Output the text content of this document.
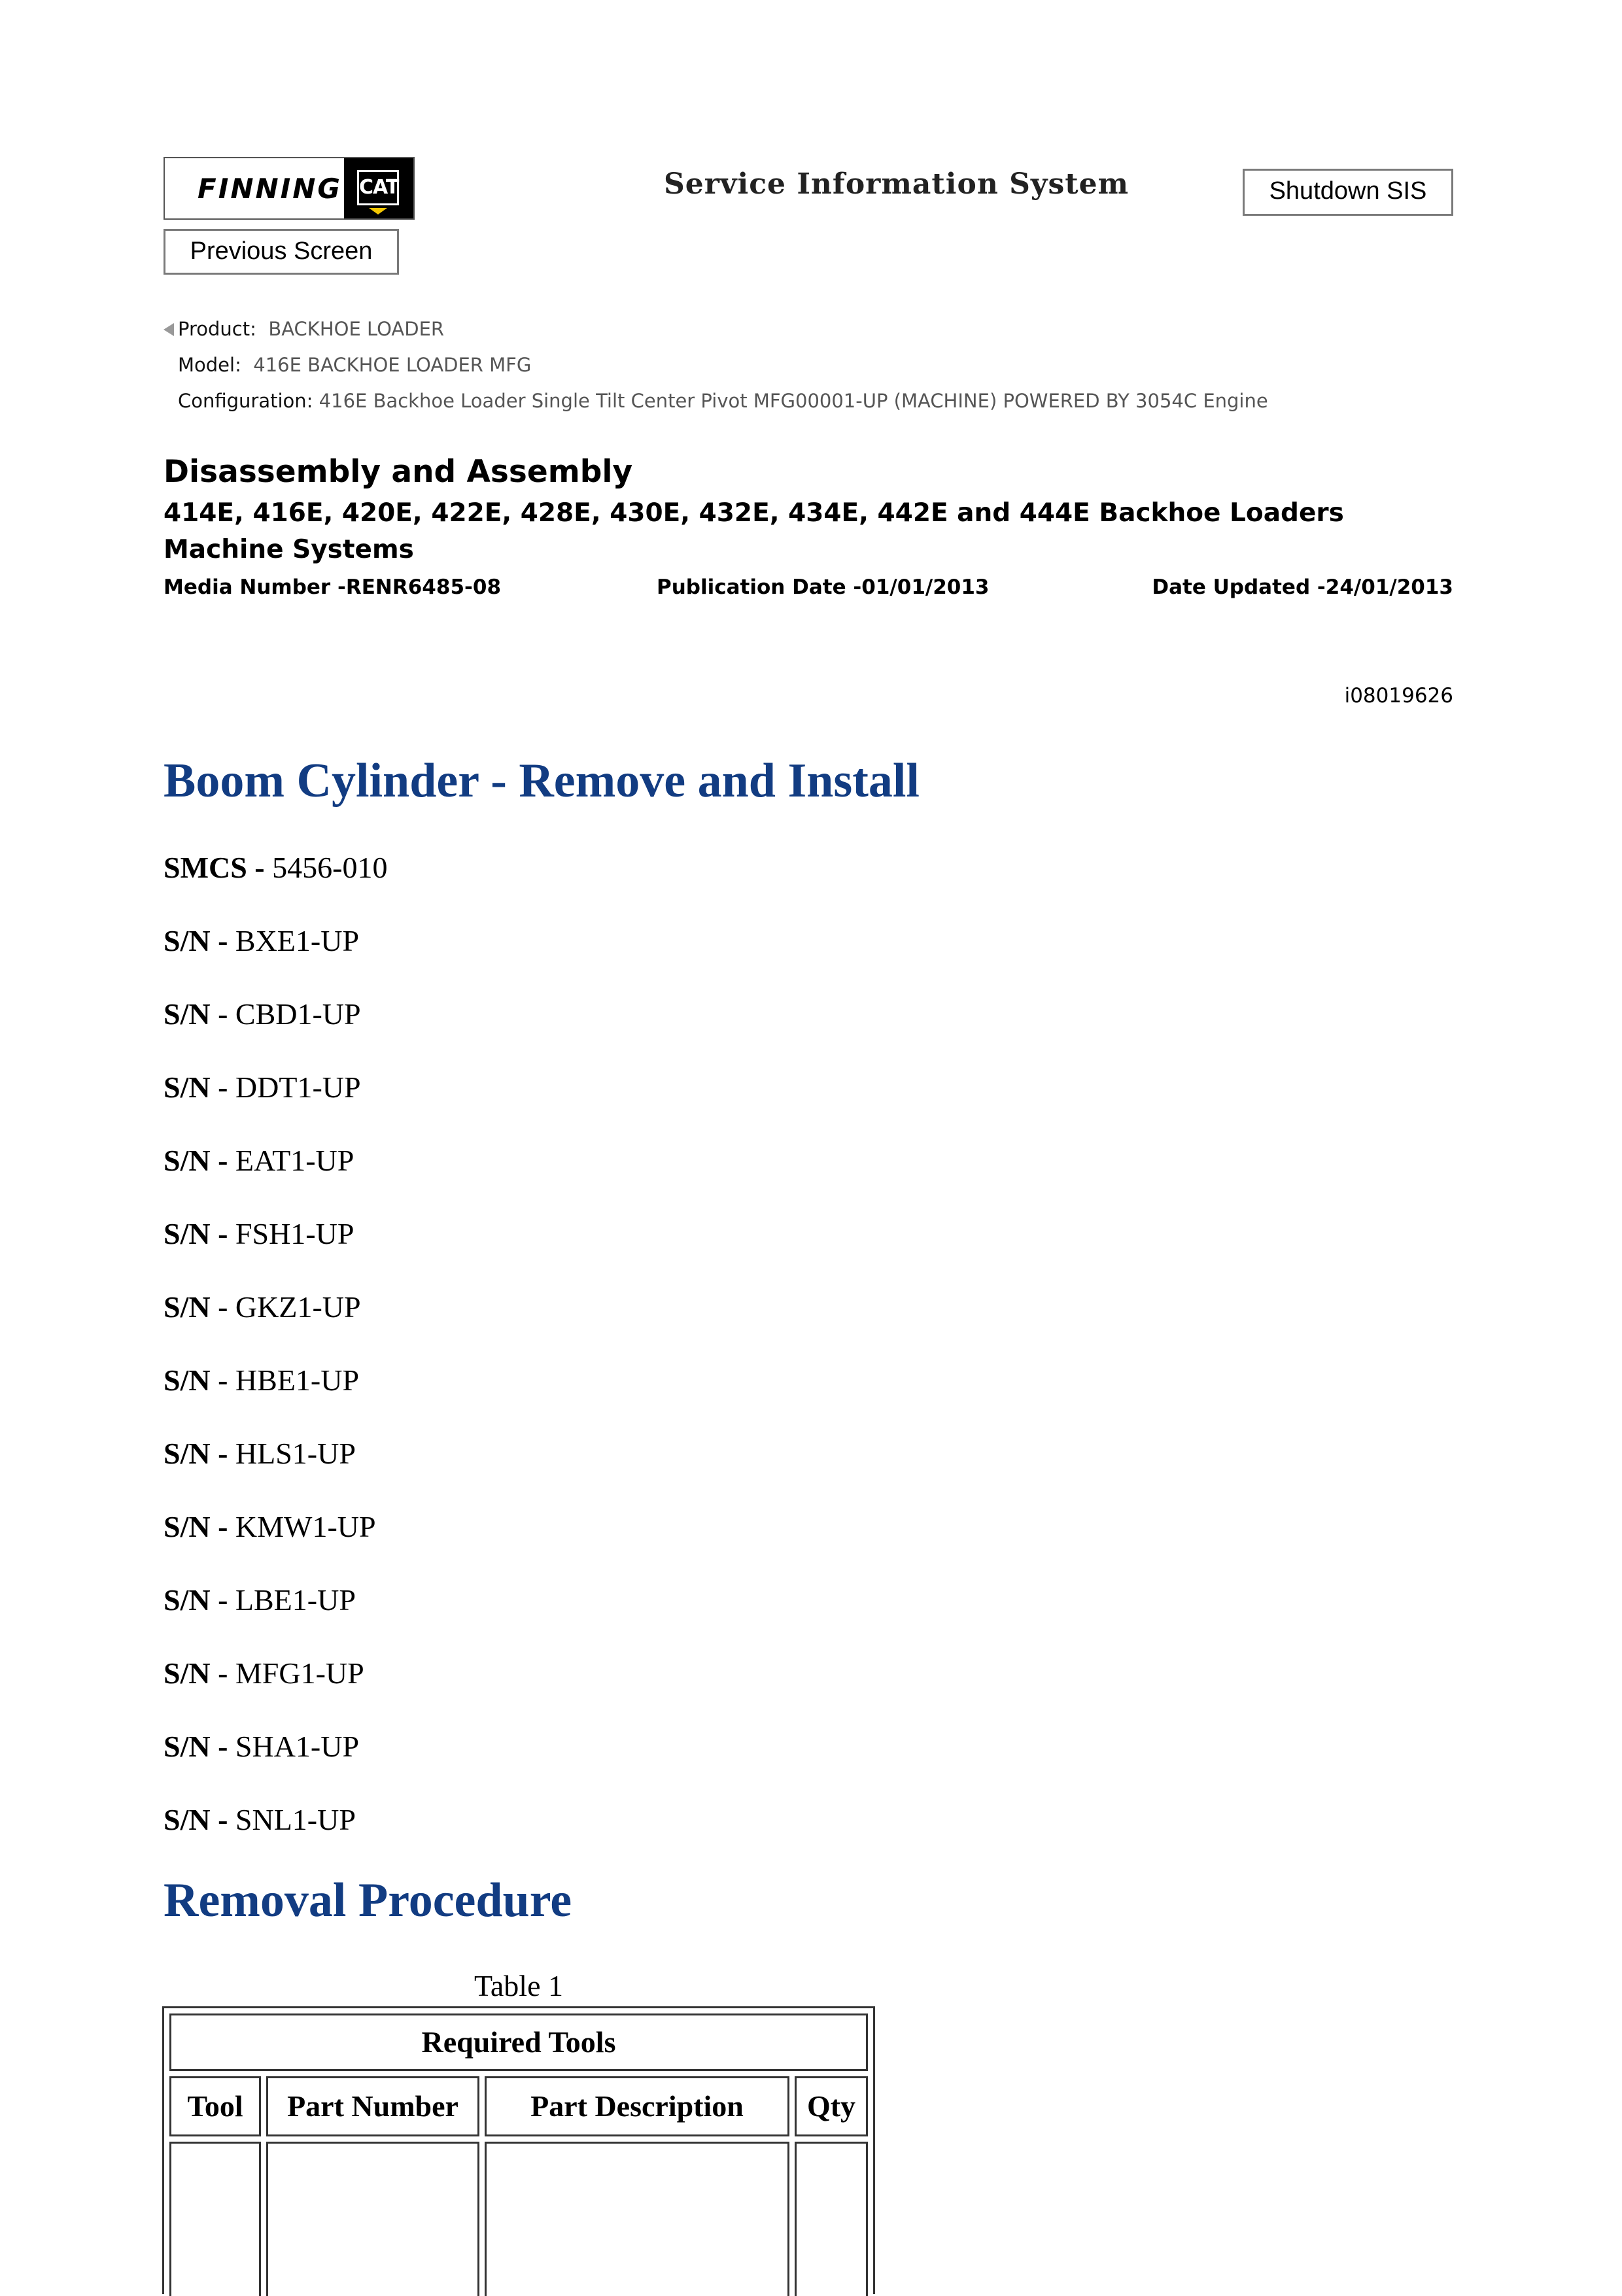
FINNING CAT	Service Information System	Shutdown SIS
Previous Screen
Product: BACKHOE LOADER
Model: 416E BACKHOE LOADER MFG
Configuration: 416E Backhoe Loader Single Tilt Center Pivot MFG00001-UP (MACHINE) POWERED BY 3054C Engine
Disassembly and Assembly
414E, 416E, 420E, 422E, 428E, 430E, 432E, 434E, 442E and 444E Backhoe Loaders
Machine Systems
Media Number -RENR6485-08	Publication Date -01/01/2013	Date Updated -24/01/2013
i08019626
Boom Cylinder - Remove and Install
SMCS - 5456-010
S/N - BXE1-UP
S/N - CBD1-UP
S/N - DDT1-UP
S/N - EAT1-UP
S/N - FSH1-UP
S/N - GKZ1-UP
S/N - HBE1-UP
S/N - HLS1-UP
S/N - KMW1-UP
S/N - LBE1-UP
S/N - MFG1-UP
S/N - SHA1-UP
S/N - SNL1-UP
Removal Procedure
Table 1
Required Tools
Tool	Part Number	Part Description	Qty
